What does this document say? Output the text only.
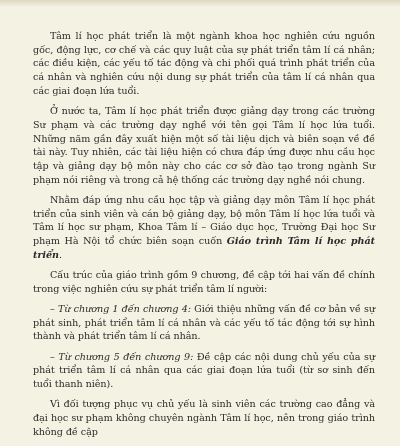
Tâm lí học phát triển là một ngành khoa học nghiên cứu nguồn gốc, động lực, cơ chế và các quy luật của sự phát triển tâm lí cá nhân; các điều kiện, các yếu tố tác động và chi phối quá trình phát triển của cá nhân và nghiên cứu nội dung sự phát triển của tâm lí cá nhân qua các giai đoạn lứa tuổi.

Ở nước ta, Tâm lí học phát triển được giảng dạy trong các trường Sư phạm và các trường dạy nghề với tên gọi Tâm lí học lứa tuổi. Những năm gần đây xuất hiện một số tài liệu dịch và biên soạn về đề tài này. Tuy nhiên, các tài liệu hiện có chưa đáp ứng được nhu cầu học tập và giảng dạy bộ môn này cho các cơ sở đào tạo trong ngành Sư phạm nói riêng và trong cả hệ thống các trường dạy nghề nói chung.

Nhằm đáp ứng nhu cầu học tập và giảng dạy môn Tâm lí học phát triển của sinh viên và cán bộ giảng dạy, bộ môn Tâm lí học lứa tuổi và Tâm lí học sư phạm, Khoa Tâm lí – Giáo dục học, Trường Đại học Sư phạm Hà Nội tổ chức biên soạn cuốn Giáo trình Tâm lí học phát triển.

Cấu trúc của giáo trình gồm 9 chương, đề cập tới hai vấn đề chính trong việc nghiên cứu sự phát triển tâm lí người:

– Từ chương 1 đến chương 4: Giới thiệu những vấn đề cơ bản về sự phát sinh, phát triển tâm lí cá nhân và các yếu tố tác động tới sự hình thành và phát triển tâm lí cá nhân.

– Từ chương 5 đến chương 9: Đề cập các nội dung chủ yếu của sự phát triển tâm lí cá nhân qua các giai đoạn lứa tuổi (từ sơ sinh đến tuổi thanh niên).

Vì đối tượng phục vụ chủ yếu là sinh viên các trường cao đẳng và đại học sư phạm không chuyên ngành Tâm lí học, nên trong giáo trình không đề cập
